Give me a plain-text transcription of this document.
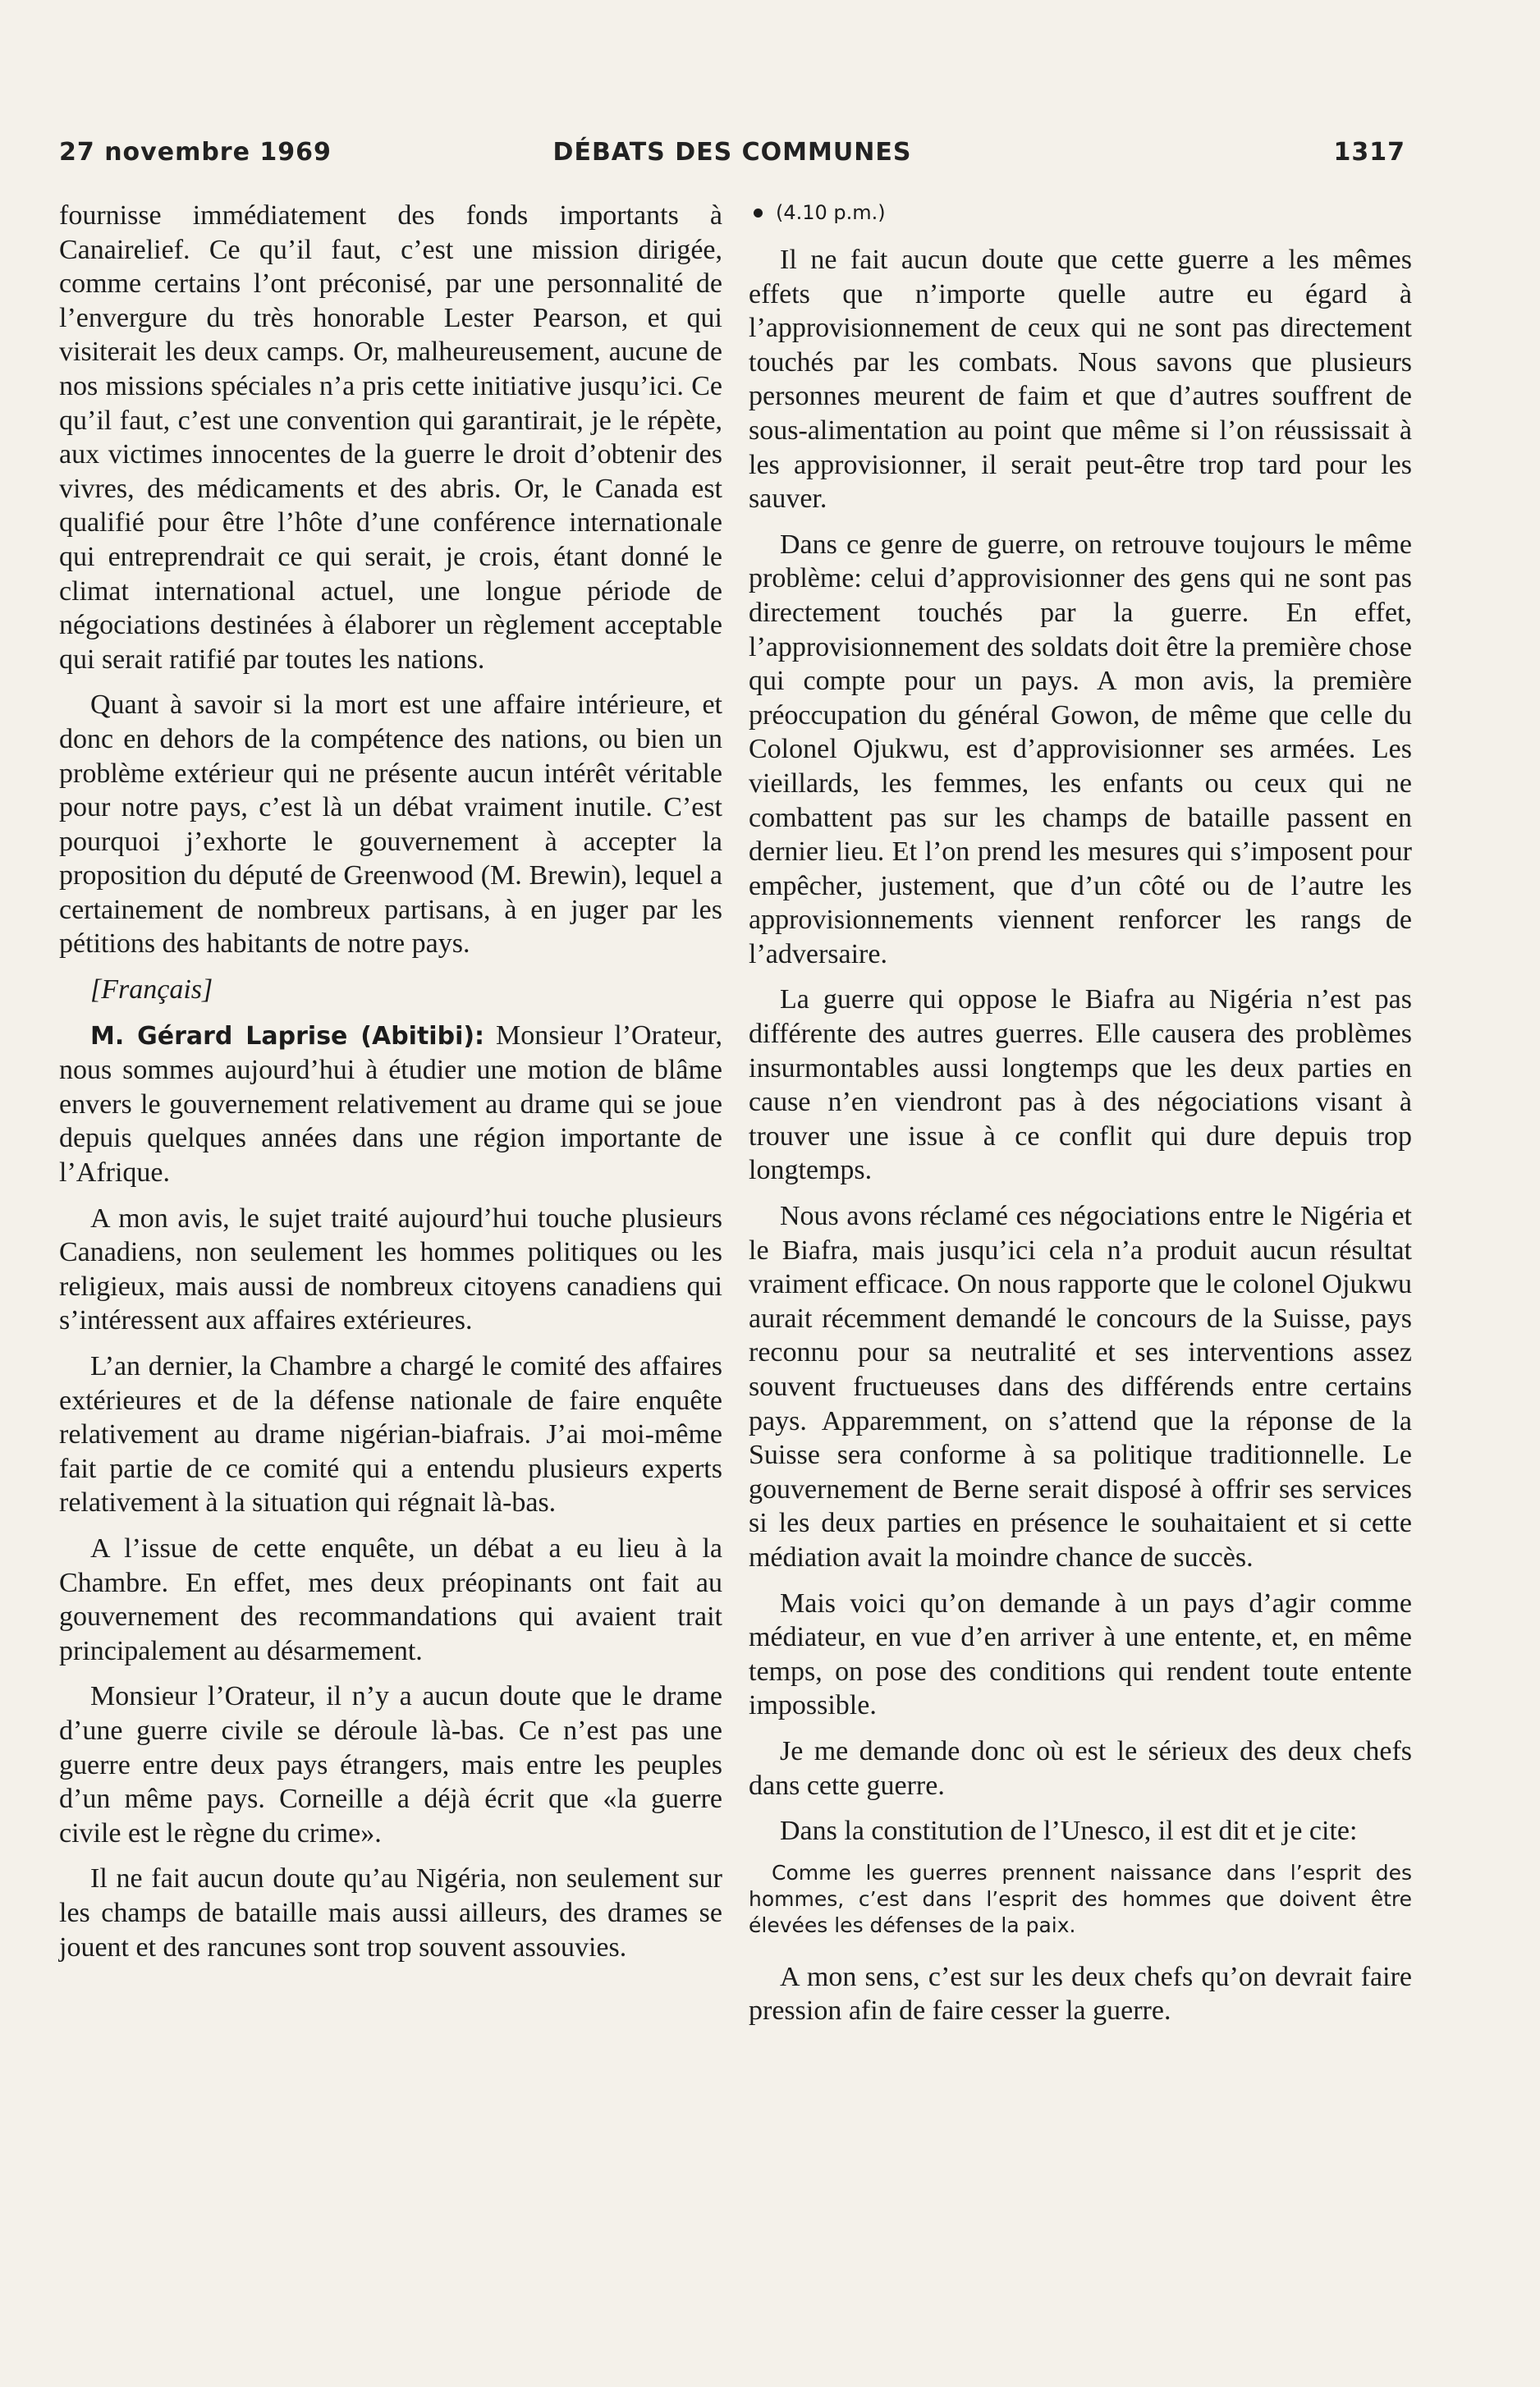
27 novembre 1969	DÉBATS DES COMMUNES	1317

fournisse immédiatement des fonds importants à Canairelief. Ce qu’il faut, c’est une mission dirigée, comme certains l’ont préconisé, par une personnalité de l’envergure du très honorable Lester Pearson, et qui visiterait les deux camps. Or, malheureusement, aucune de nos missions spéciales n’a pris cette initiative jusqu’ici. Ce qu’il faut, c’est une convention qui garantirait, je le répète, aux victimes innocentes de la guerre le droit d’obtenir des vivres, des médicaments et des abris. Or, le Canada est qualifié pour être l’hôte d’une conférence internationale qui entreprendrait ce qui serait, je crois, étant donné le climat international actuel, une longue période de négociations destinées à élaborer un règlement acceptable qui serait ratifié par toutes les nations.

Quant à savoir si la mort est une affaire intérieure, et donc en dehors de la compétence des nations, ou bien un problème extérieur qui ne présente aucun intérêt véritable pour notre pays, c’est là un débat vraiment inutile. C’est pourquoi j’exhorte le gouvernement à accepter la proposition du député de Greenwood (M. Brewin), lequel a certainement de nombreux partisans, à en juger par les pétitions des habitants de notre pays.

[Français]

M. Gérard Laprise (Abitibi): Monsieur l’Orateur, nous sommes aujourd’hui à étudier une motion de blâme envers le gouvernement relativement au drame qui se joue depuis quelques années dans une région importante de l’Afrique.

A mon avis, le sujet traité aujourd’hui touche plusieurs Canadiens, non seulement les hommes politiques ou les religieux, mais aussi de nombreux citoyens canadiens qui s’intéressent aux affaires extérieures.

L’an dernier, la Chambre a chargé le comité des affaires extérieures et de la défense nationale de faire enquête relativement au drame nigérian-biafrais. J’ai moi-même fait partie de ce comité qui a entendu plusieurs experts relativement à la situation qui régnait là-bas.

A l’issue de cette enquête, un débat a eu lieu à la Chambre. En effet, mes deux préopinants ont fait au gouvernement des recommandations qui avaient trait principalement au désarmement.

Monsieur l’Orateur, il n’y a aucun doute que le drame d’une guerre civile se déroule là-bas. Ce n’est pas une guerre entre deux pays étrangers, mais entre les peuples d’un même pays. Corneille a déjà écrit que «la guerre civile est le règne du crime».

Il ne fait aucun doute qu’au Nigéria, non seulement sur les champs de bataille mais aussi ailleurs, des drames se jouent et des rancunes sont trop souvent assouvies.

(4.10 p.m.)

Il ne fait aucun doute que cette guerre a les mêmes effets que n’importe quelle autre eu égard à l’approvisionnement de ceux qui ne sont pas directement touchés par les combats. Nous savons que plusieurs personnes meurent de faim et que d’autres souffrent de sous-alimentation au point que même si l’on réussissait à les approvisionner, il serait peut-être trop tard pour les sauver.

Dans ce genre de guerre, on retrouve toujours le même problème: celui d’approvisionner des gens qui ne sont pas directement touchés par la guerre. En effet, l’approvisionnement des soldats doit être la première chose qui compte pour un pays. A mon avis, la première préoccupation du général Gowon, de même que celle du Colonel Ojukwu, est d’approvisionner ses armées. Les vieillards, les femmes, les enfants ou ceux qui ne combattent pas sur les champs de bataille passent en dernier lieu. Et l’on prend les mesures qui s’imposent pour empêcher, justement, que d’un côté ou de l’autre les approvisionnements viennent renforcer les rangs de l’adversaire.

La guerre qui oppose le Biafra au Nigéria n’est pas différente des autres guerres. Elle causera des problèmes insurmontables aussi longtemps que les deux parties en cause n’en viendront pas à des négociations visant à trouver une issue à ce conflit qui dure depuis trop longtemps.

Nous avons réclamé ces négociations entre le Nigéria et le Biafra, mais jusqu’ici cela n’a produit aucun résultat vraiment efficace. On nous rapporte que le colonel Ojukwu aurait récemment demandé le concours de la Suisse, pays reconnu pour sa neutralité et ses interventions assez souvent fructueuses dans des différends entre certains pays. Apparemment, on s’attend que la réponse de la Suisse sera conforme à sa politique traditionnelle. Le gouvernement de Berne serait disposé à offrir ses services si les deux parties en présence le souhaitaient et si cette médiation avait la moindre chance de succès.

Mais voici qu’on demande à un pays d’agir comme médiateur, en vue d’en arriver à une entente, et, en même temps, on pose des conditions qui rendent toute entente impossible.

Je me demande donc où est le sérieux des deux chefs dans cette guerre.

Dans la constitution de l’Unesco, il est dit et je cite:

Comme les guerres prennent naissance dans l’esprit des hommes, c’est dans l’esprit des hommes que doivent être élevées les défenses de la paix.

A mon sens, c’est sur les deux chefs qu’on devrait faire pression afin de faire cesser la guerre.
